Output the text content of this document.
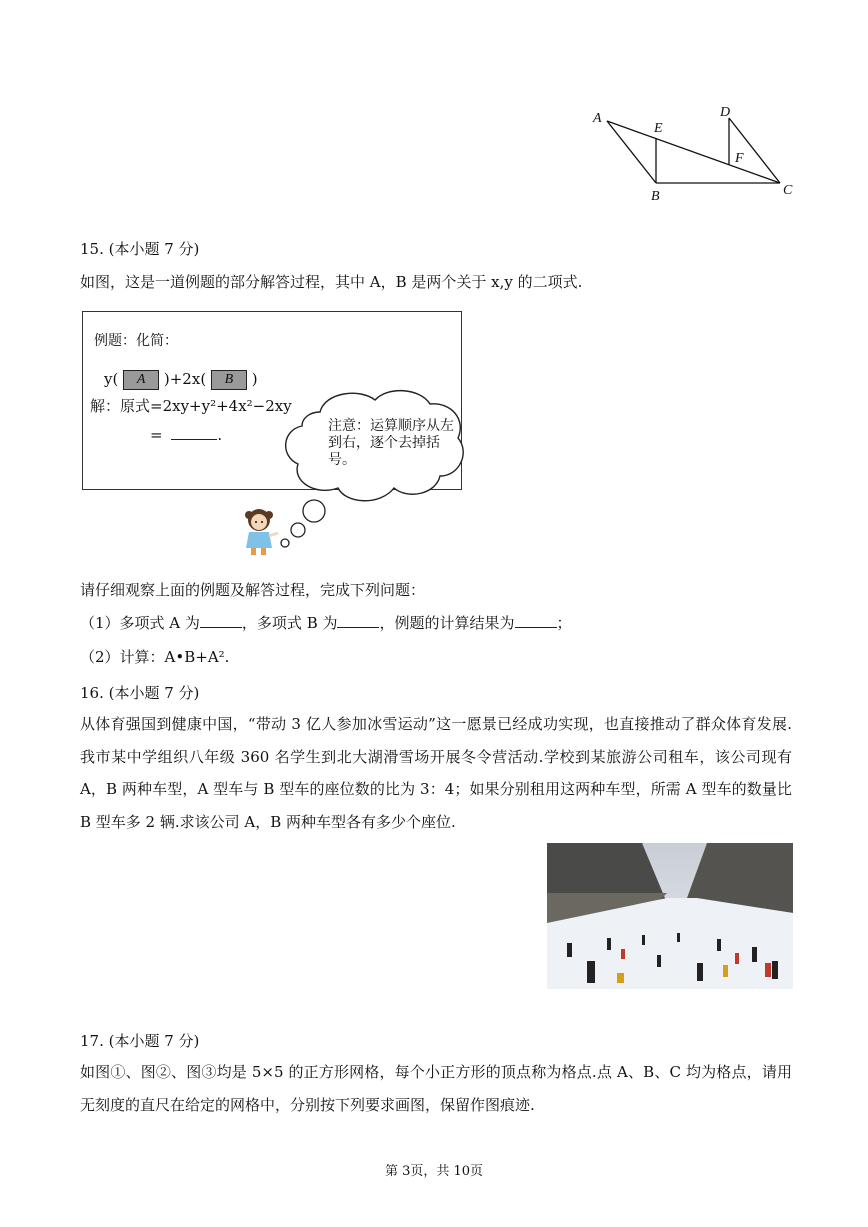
A
B	C
D
E
F
15. (本小题 7 分)
如图，这是一道例题的部分解答过程，其中 A，B 是两个关于 x,y 的二项式.
例题：化简：
y( A )+2x( B )
解：原式=2xy+y²+4x²−2xy
=	.	注意：运算顺序从左到右，逐个去掉括号。
请仔细观察上面的例题及解答过程，完成下列问题：
（1）多项式 A 为	，多项式 B 为	，例题的计算结果为	；
（2）计算：A•B+A².
16. (本小题 7 分)
从体育强国到健康中国，“带动 3 亿人参加冰雪运动”这一愿景已经成功实现，也直接推动了群众体育发展.我市某中学组织八年级 360 名学生到北大湖滑雪场开展冬令营活动.学校到某旅游公司租车，该公司现有 A，B 两种车型，A 型车与 B 型车的座位数的比为 3：4；如果分别租用这两种车型，所需 A 型车的数量比 B 型车多 2 辆.求该公司 A，B 两种车型各有多少个座位.
17. (本小题 7 分)
如图①、图②、图③均是 5×5 的正方形网格，每个小正方形的顶点称为格点.点 A、B、C 均为格点，请用无刻度的直尺在给定的网格中，分别按下列要求画图，保留作图痕迹.
第 3页，共 10页
